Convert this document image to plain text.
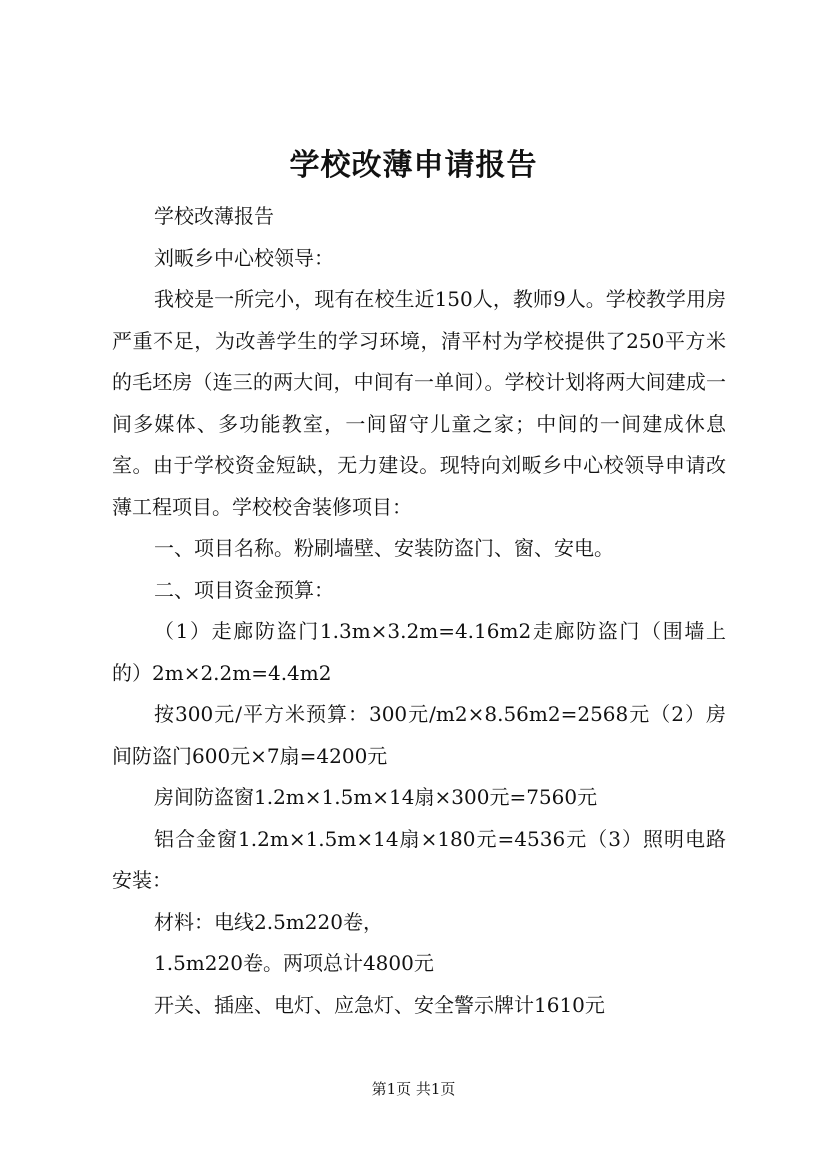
学校改薄申请报告

学校改薄报告

刘畈乡中心校领导：

我校是一所完小，现有在校生近150人，教师9人。学校教学用房严重不足，为改善学生的学习环境，清平村为学校提供了250平方米的毛坯房（连三的两大间，中间有一单间）。学校计划将两大间建成一间多媒体、多功能教室，一间留守儿童之家；中间的一间建成休息室。由于学校资金短缺，无力建设。现特向刘畈乡中心校领导申请改薄工程项目。学校校舍装修项目：

一、项目名称。粉刷墙壁、安装防盗门、窗、安电。

二、项目资金预算：

（1）走廊防盗门1.3m×3.2m=4.16m2走廊防盗门（围墙上的）2m×2.2m=4.4m2

按300元/平方米预算：300元/m2×8.56m2=2568元（2）房间防盗门600元×7扇=4200元

房间防盗窗1.2m×1.5m×14扇×300元=7560元

铝合金窗1.2m×1.5m×14扇×180元=4536元（3）照明电路安装：

材料：电线2.5m220卷，

1.5m220卷。两项总计4800元

开关、插座、电灯、应急灯、安全警示牌计1610元

第1页 共1页
